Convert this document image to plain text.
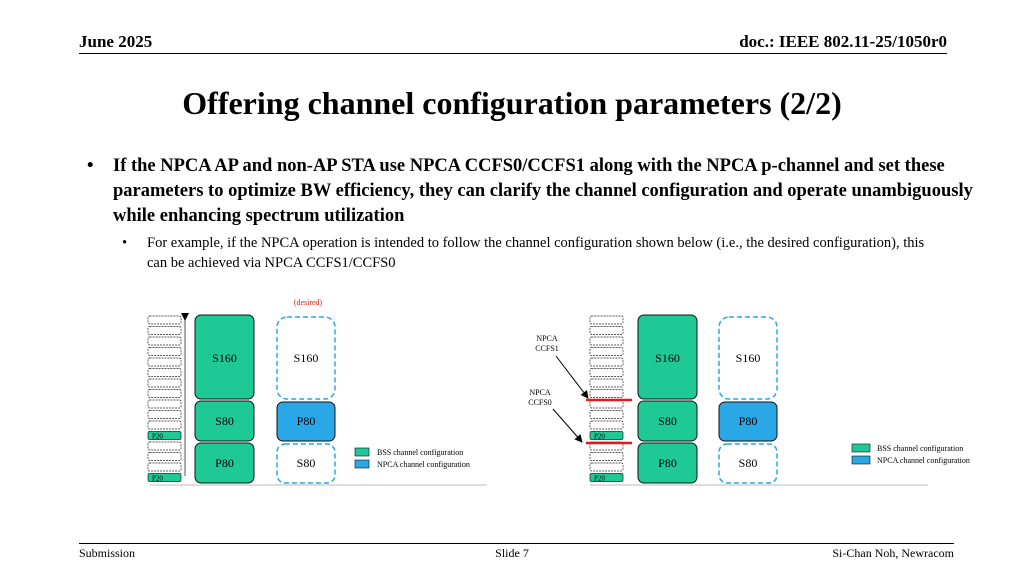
June 2025	doc.: IEEE 802.11-25/1050r0
Offering channel configuration parameters (2/2)
• If the NPCA AP and non-AP STA use NPCA CCFS0/CCFS1 along with the NPCA p-channel and set these parameters to optimize BW efficiency, they can clarify the channel configuration and operate unambiguously while enhancing spectrum utilization
• For example, if the NPCA operation is intended to follow the channel configuration shown below (i.e., the desired configuration), this can be achieved via NPCA CCFS1/CCFS0
P20
P20
(desired)
S160
S80
P80
S160
P80
S80
BSS channel configuration
NPCA channel configuration
P20
P20
NPCA
CCFS1
NPCA
CCFS0
S160
S80
P80
S160
P80
S80
BSS channel configuration
NPCA channel configuration
Submission	Slide 7	Si-Chan Noh, Newracom
